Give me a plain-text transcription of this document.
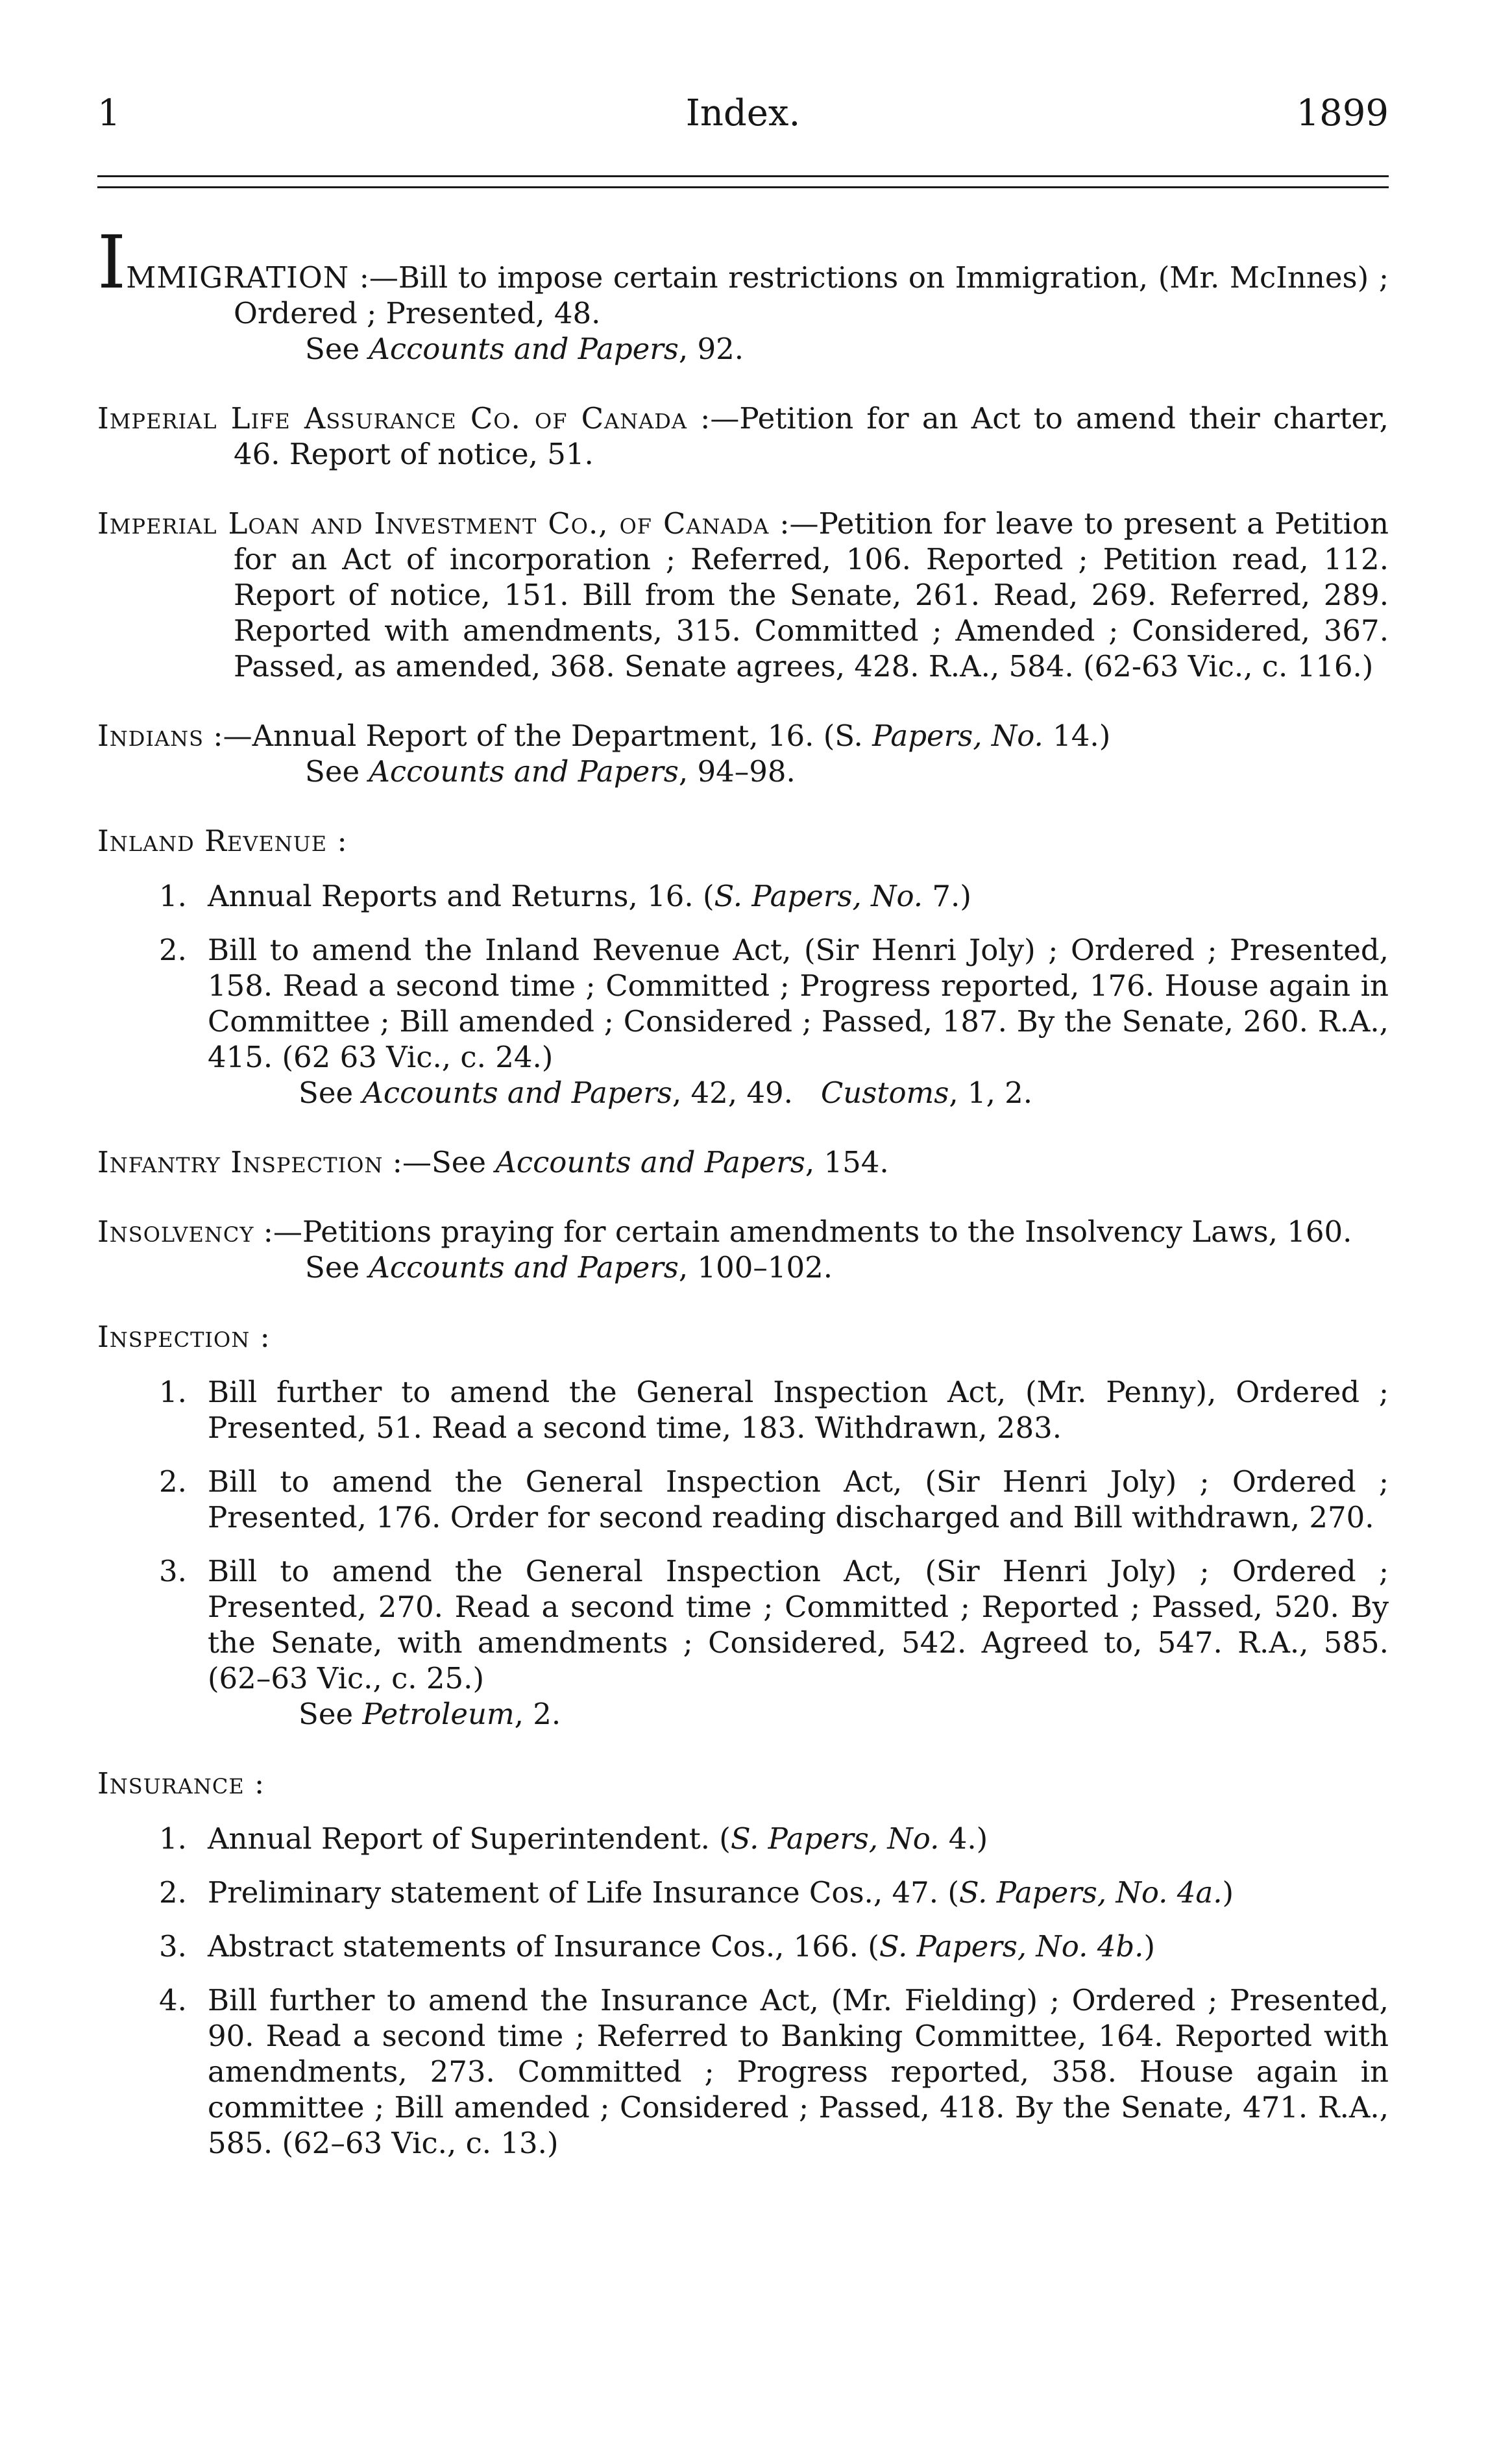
1	Index.	1899
IMMIGRATION :—Bill to impose certain restrictions on Immigration, (Mr. McInnes) ; Ordered ; Presented, 48.
See Accounts and Papers, 92.
Imperial Life Assurance Co. of Canada :—Petition for an Act to amend their charter, 46. Report of notice, 51.
Imperial Loan and Investment Co., of Canada :—Petition for leave to present a Petition for an Act of incorporation ; Referred, 106. Reported ; Petition read, 112. Report of notice, 151. Bill from the Senate, 261. Read, 269. Referred, 289. Reported with amendments, 315. Committed ; Amended ; Considered, 367. Passed, as amended, 368. Senate agrees, 428. R.A., 584. (62-63 Vic., c. 116.)
Indians :—Annual Report of the Department, 16. (S. Papers, No. 14.)
See Accounts and Papers, 94–98.
Inland Revenue :
1. Annual Reports and Returns, 16. (S. Papers, No. 7.)
2. Bill to amend the Inland Revenue Act, (Sir Henri Joly) ; Ordered ; Presented, 158. Read a second time ; Committed ; Progress reported, 176. House again in Committee ; Bill amended ; Considered ; Passed, 187. By the Senate, 260. R.A., 415. (62 63 Vic., c. 24.)
See Accounts and Papers, 42, 49. Customs, 1, 2.
Infantry Inspection :—See Accounts and Papers, 154.
Insolvency :—Petitions praying for certain amendments to the Insolvency Laws, 160.
See Accounts and Papers, 100–102.
Inspection :
1. Bill further to amend the General Inspection Act, (Mr. Penny), Ordered ; Presented, 51. Read a second time, 183. Withdrawn, 283.
2. Bill to amend the General Inspection Act, (Sir Henri Joly) ; Ordered ; Presented, 176. Order for second reading discharged and Bill withdrawn, 270.
3. Bill to amend the General Inspection Act, (Sir Henri Joly) ; Ordered ; Presented, 270. Read a second time ; Committed ; Reported ; Passed, 520. By the Senate, with amendments ; Considered, 542. Agreed to, 547. R.A., 585. (62–63 Vic., c. 25.)
See Petroleum, 2.
Insurance :
1. Annual Report of Superintendent. (S. Papers, No. 4.)
2. Preliminary statement of Life Insurance Cos., 47. (S. Papers, No. 4a.)
3. Abstract statements of Insurance Cos., 166. (S. Papers, No. 4b.)
4. Bill further to amend the Insurance Act, (Mr. Fielding) ; Ordered ; Presented, 90. Read a second time ; Referred to Banking Committee, 164. Reported with amendments, 273. Committed ; Progress reported, 358. House again in committee ; Bill amended ; Considered ; Passed, 418. By the Senate, 471. R.A., 585. (62–63 Vic., c. 13.)
